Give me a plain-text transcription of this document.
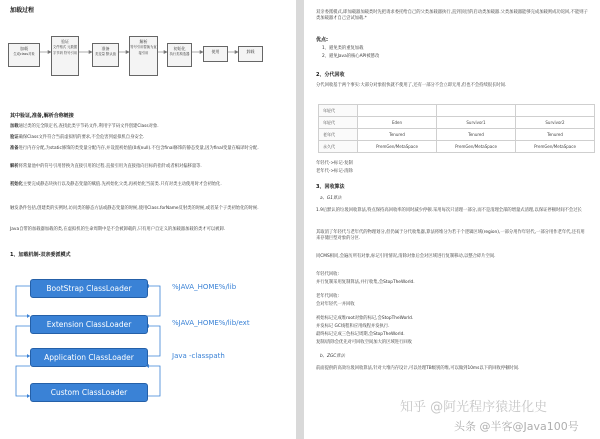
加载过程
加载
生成class对象
验证
文件格式 元数据 字节码 符号引用
准备
类变量 默认值
解析
符号引用替换为直接引用
初始化
执行类构造器	使用	卸载
其中验证,准备,解析合称链接
加载通过类的完全限定名,查找此类字节码文件,利用字节码文件创建Class对象.
验证确保Class文件符合当前虚拟机的要求,不会危害到虚拟机自身安全.
准备进行内存分配,为static修饰的类变量分配内存,并设置初始值(0或null).不包含final修饰的静态变量,因为final变量在编译时分配.
解析将常量池中的符号引用替换为直接引用的过程.直接引用为直接指向目标的指针或者相对偏移量等.
初始化主要完成静态块执行以及静态变量的赋值.先初始化父类,再初始化当前类.只有对类主动使用时才会初始化.
触发条件包括,创建类的实例时,访问类的静态方法或静态变量的时候,使用Class.forName反射类的时候,或者某个子类初始化的时候.
Java自带的加载器加载的类,在虚拟机的生命周期中是不会被卸载的,只有用户自定义的加载器加载的类才可以被卸.
1、加载机制-双亲委派模式
BootStrap ClassLoader
Extension ClassLoader
Application ClassLoader
Custom ClassLoader
%JAVA_HOME%/lib
%JAVA_HOME%/lib/ext
Java -classpath
双亲委派模式,即加载器加载类时先把请求委托给自己的父类加载器执行,直到顶层的启动类加载器.父类加载器能够完成加载则成功返回,不能则子类加载器才自己尝试加载.*
优点:
1、避免类的重复加载
2、避免Java的核心API被篡改
2、分代回收
分代回收基于两个事实:大部分对象很快就不使用了,还有一部分不会立即无用,但也不会持续很长时间.
年轻代			
年轻代	Eden	Survivor1	Survivor2
老年代	Tenured	Tenured	Tenured
永久代	PremGen/MetaSpace	PremGen/MetaSpace	PremGen/MetaSpace
年轻代->标记-复制
老年代->标记-清除
3、回收算法
a、G1算法
1.9后默认的垃圾回收算法,特点保持高回收率的同时减少停顿.采用每次只清理一部分,而不是清理全部的增量式清理,以保证停顿时间不会过长
其取消了年轻代与老年代的物理划分,但仍属于分代收集器,算法将堆分为若干个逻辑区域(region),一部分用作年轻代,一部分用作老年代,还有用来存储巨型对象的分区.
同CMS相同,会遍历所有对象,标记引用情况,清除对象后会对区域进行复制移动,以整合碎片空间.
年轻代回收:
并行复制采用复制算法,并行收集,会StopTheWorld.
老年代回收:
会对年轻代一并回收
初始标记完成堆root对象的标记,会StopTheWorld.
并发标记 GC线程和应用线程并发执行.
最终标记完成三色标记周期,会StopTheWorld.
复制/清除会优先对可回收空间加大的区域进行回收
b、ZGC算法
前面提供的高效垃圾回收算法,针对大堆内存设计,可以处理TB级别的堆,可以做到10ms以下的回收停顿时间.
知乎 @阿光程序猿进化史
头条 @半客@Java100号
